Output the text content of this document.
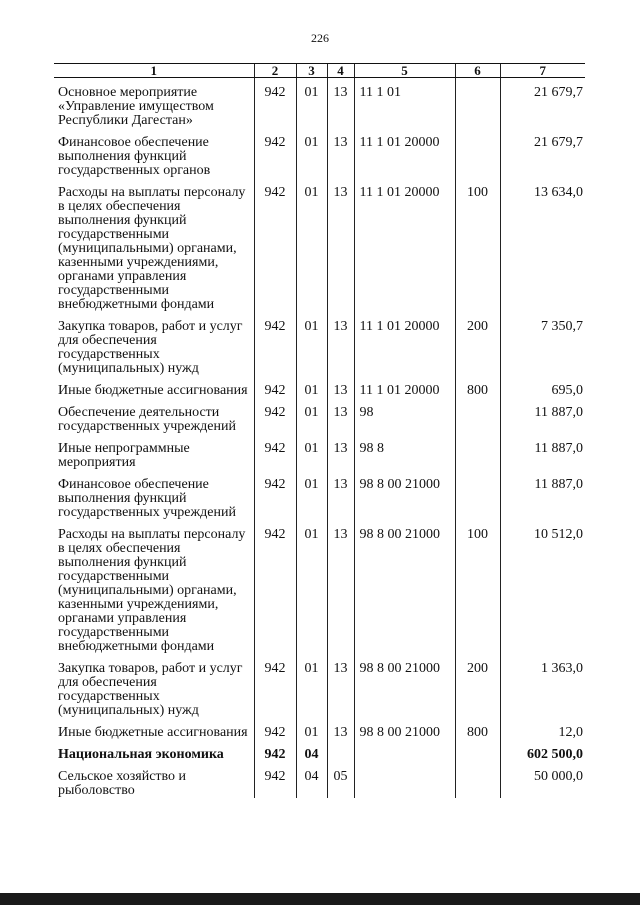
226
1	2	3	4	5	6	7
Основное мероприятие «Управление имуществом Республики Дагестан»	942	01	13	11 1 01		21 679,7
Финансовое обеспечение выполнения функций государственных органов	942	01	13	11 1 01 20000		21 679,7
Расходы на выплаты персоналу в целях обеспечения выполнения функций государственными (муниципальными) органами, казенными учреждениями, органами управления государственными внебюджетными фондами	942	01	13	11 1 01 20000	100	13 634,0
Закупка товаров, работ и услуг для обеспечения государственных (муниципальных) нужд	942	01	13	11 1 01 20000	200	7 350,7
Иные бюджетные ассигнования	942	01	13	11 1 01 20000	800	695,0
Обеспечение деятельности государственных учреждений	942	01	13	98		11 887,0
Иные непрограммные мероприятия	942	01	13	98 8		11 887,0
Финансовое обеспечение выполнения функций государственных учреждений	942	01	13	98 8 00 21000		11 887,0
Расходы на выплаты персоналу в целях обеспечения выполнения функций государственными (муниципальными) органами, казенными учреждениями, органами управления государственными внебюджетными фондами	942	01	13	98 8 00 21000	100	10 512,0
Закупка товаров, работ и услуг для обеспечения государственных (муниципальных) нужд	942	01	13	98 8 00 21000	200	1 363,0
Иные бюджетные ассигнования	942	01	13	98 8 00 21000	800	12,0
Национальная экономика	942	04				602 500,0
Сельское хозяйство и рыболовство	942	04	05			50 000,0
